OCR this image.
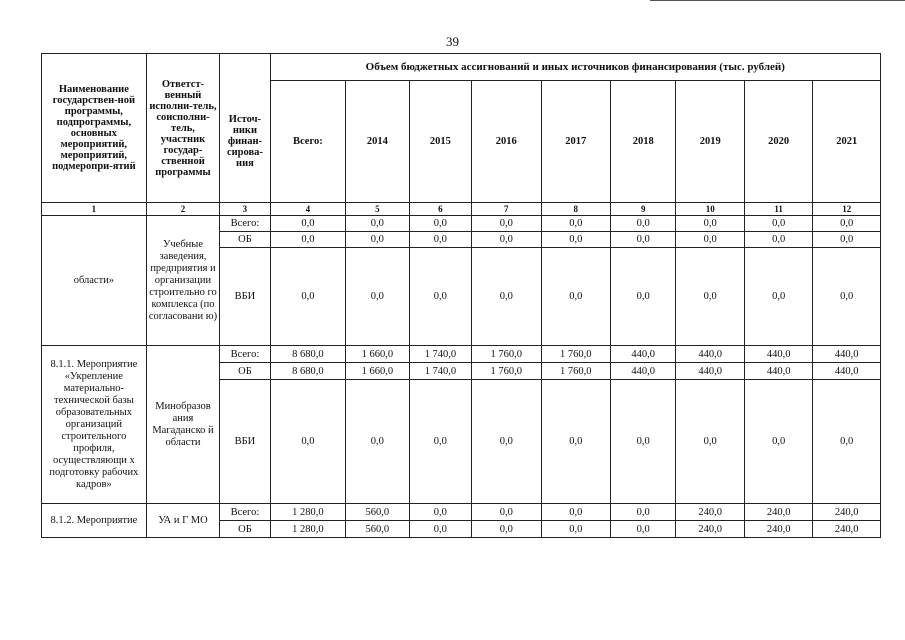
39
Наименование государствен-ной программы, подпрограммы, основных мероприятий, мероприятий, подмеропри-ятий	Ответст-венный исполни-тель, соисполни-тель, участник государ-ственной программы		Объем бюджетных ассигнований и иных источников финансирования (тыс. рублей)								
		Источ-ники финан-сирова-ния	Всего:	2014	2015	2016	2017	2018	2019	2020	2021

1	2	3	4	5	6	7	8	9	10	11	12
области»	Учебные заведения, предприятия и организации строительно го комплекса (по согласовани ю)	Всего:	0,0	0,0	0,0	0,0	0,0	0,0	0,0	0,0	0,0
		ОБ	0,0	0,0	0,0	0,0	0,0	0,0	0,0	0,0	0,0
		ВБИ	0,0	0,0	0,0	0,0	0,0	0,0	0,0	0,0	0,0
8.1.1. Мероприятие «Укрепление материально-технической базы образовательных организаций строительного профиля, осуществляющи х подготовку рабочих кадров»	Минобразов ания Магаданско й области	Всего:	8 680,0	1 660,0	1 740,0	1 760,0	1 760,0	440,0	440,0	440,0	440,0
		ОБ	8 680,0	1 660,0	1 740,0	1 760,0	1 760,0	440,0	440,0	440,0	440,0
		ВБИ	0,0	0,0	0,0	0,0	0,0	0,0	0,0	0,0	0,0
8.1.2. Мероприятие	УА и Г МО	Всего:	1 280,0	560,0	0,0	0,0	0,0	0,0	240,0	240,0	240,0
		ОБ	1 280,0	560,0	0,0	0,0	0,0	0,0	240,0	240,0	240,0
